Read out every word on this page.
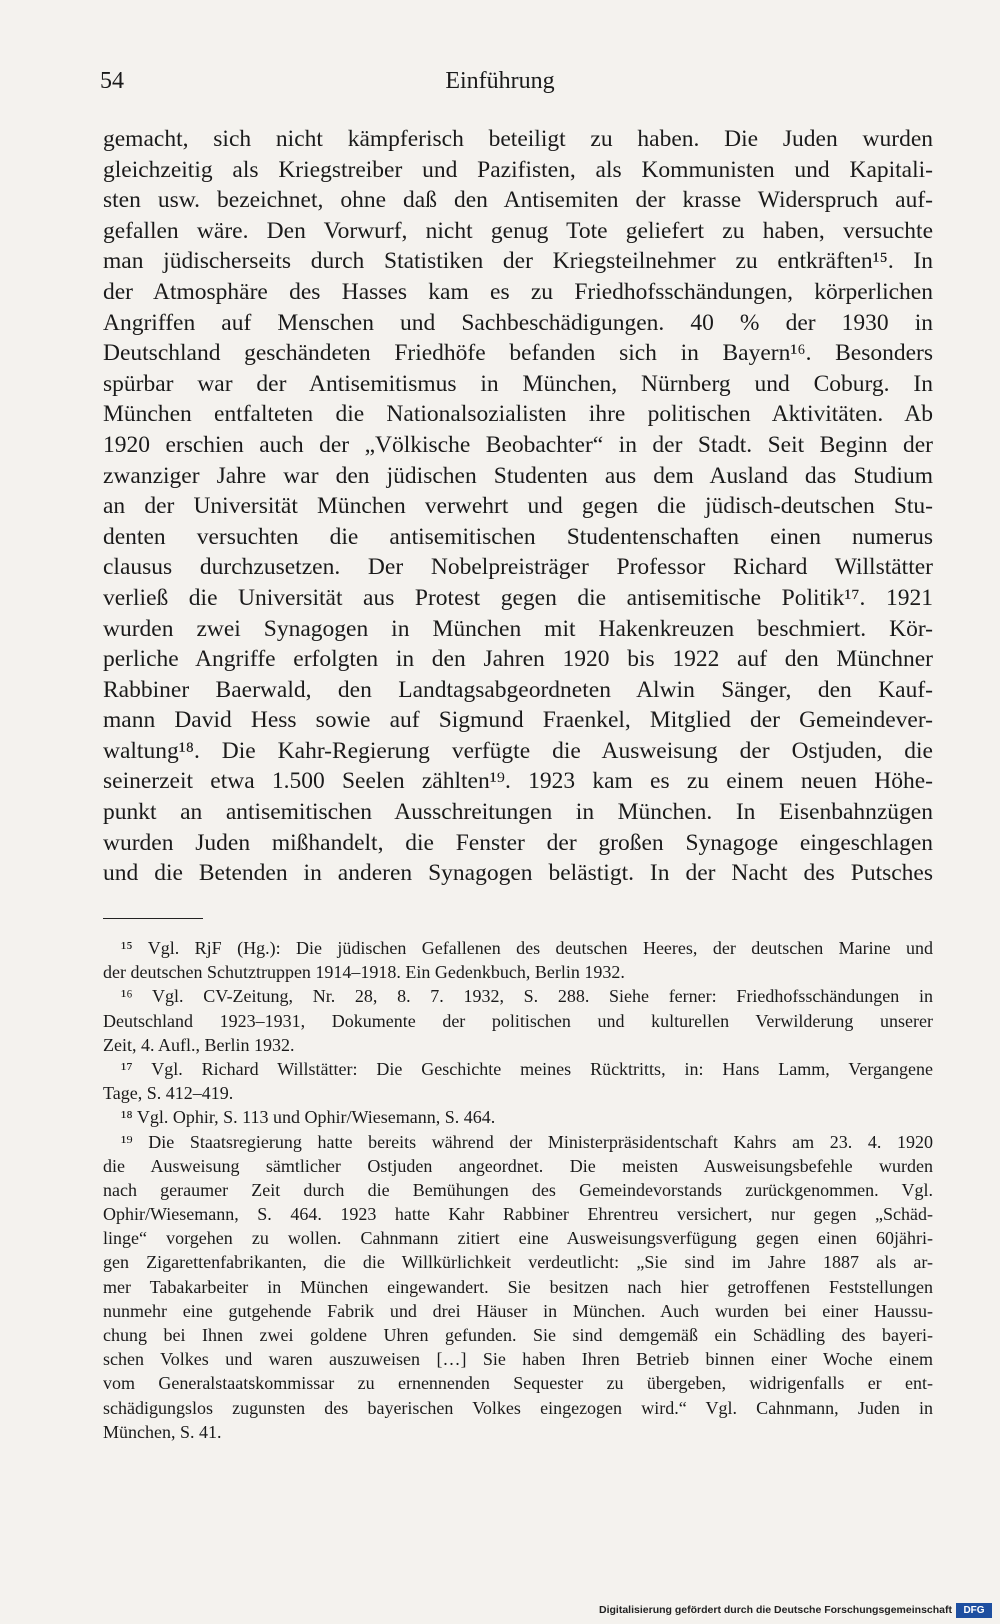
54	Einführung
gemacht, sich nicht kämpferisch beteiligt zu haben. Die Juden wurden
gleichzeitig als Kriegstreiber und Pazifisten, als Kommunisten und Kapitali-
sten usw. bezeichnet, ohne daß den Antisemiten der krasse Widerspruch auf-
gefallen wäre. Den Vorwurf, nicht genug Tote geliefert zu haben, versuchte
man jüdischerseits durch Statistiken der Kriegsteilnehmer zu entkräften¹⁵. In
der Atmosphäre des Hasses kam es zu Friedhofsschändungen, körperlichen
Angriffen auf Menschen und Sachbeschädigungen. 40 % der 1930 in
Deutschland geschändeten Friedhöfe befanden sich in Bayern¹⁶. Besonders
spürbar war der Antisemitismus in München, Nürnberg und Coburg. In
München entfalteten die Nationalsozialisten ihre politischen Aktivitäten. Ab
1920 erschien auch der „Völkische Beobachter“ in der Stadt. Seit Beginn der
zwanziger Jahre war den jüdischen Studenten aus dem Ausland das Studium
an der Universität München verwehrt und gegen die jüdisch-deutschen Stu-
denten versuchten die antisemitischen Studentenschaften einen numerus
clausus durchzusetzen. Der Nobelpreisträger Professor Richard Willstätter
verließ die Universität aus Protest gegen die antisemitische Politik¹⁷. 1921
wurden zwei Synagogen in München mit Hakenkreuzen beschmiert. Kör-
perliche Angriffe erfolgten in den Jahren 1920 bis 1922 auf den Münchner
Rabbiner Baerwald, den Landtagsabgeordneten Alwin Sänger, den Kauf-
mann David Hess sowie auf Sigmund Fraenkel, Mitglied der Gemeindever-
waltung¹⁸. Die Kahr-Regierung verfügte die Ausweisung der Ostjuden, die
seinerzeit etwa 1.500 Seelen zählten¹⁹. 1923 kam es zu einem neuen Höhe-
punkt an antisemitischen Ausschreitungen in München. In Eisenbahnzügen
wurden Juden mißhandelt, die Fenster der großen Synagoge eingeschlagen
und die Betenden in anderen Synagogen belästigt. In der Nacht des Putsches
¹⁵ Vgl. RjF (Hg.): Die jüdischen Gefallenen des deutschen Heeres, der deutschen Marine und
der deutschen Schutztruppen 1914–1918. Ein Gedenkbuch, Berlin 1932.
¹⁶ Vgl. CV-Zeitung, Nr. 28, 8. 7. 1932, S. 288. Siehe ferner: Friedhofsschändungen in
Deutschland 1923–1931, Dokumente der politischen und kulturellen Verwilderung unserer
Zeit, 4. Aufl., Berlin 1932.
¹⁷ Vgl. Richard Willstätter: Die Geschichte meines Rücktritts, in: Hans Lamm, Vergangene
Tage, S. 412–419.
¹⁸ Vgl. Ophir, S. 113 und Ophir/Wiesemann, S. 464.
¹⁹ Die Staatsregierung hatte bereits während der Ministerpräsidentschaft Kahrs am 23. 4. 1920
die Ausweisung sämtlicher Ostjuden angeordnet. Die meisten Ausweisungsbefehle wurden
nach geraumer Zeit durch die Bemühungen des Gemeindevorstands zurückgenommen. Vgl.
Ophir/Wiesemann, S. 464. 1923 hatte Kahr Rabbiner Ehrentreu versichert, nur gegen „Schäd-
linge“ vorgehen zu wollen. Cahnmann zitiert eine Ausweisungsverfügung gegen einen 60jähri-
gen Zigarettenfabrikanten, die die Willkürlichkeit verdeutlicht: „Sie sind im Jahre 1887 als ar-
mer Tabakarbeiter in München eingewandert. Sie besitzen nach hier getroffenen Feststellungen
nunmehr eine gutgehende Fabrik und drei Häuser in München. Auch wurden bei einer Haussu-
chung bei Ihnen zwei goldene Uhren gefunden. Sie sind demgemäß ein Schädling des bayeri-
schen Volkes und waren auszuweisen […] Sie haben Ihren Betrieb binnen einer Woche einem
vom Generalstaatskommissar zu ernennenden Sequester zu übergeben, widrigenfalls er ent-
schädigungslos zugunsten des bayerischen Volkes eingezogen wird.“ Vgl. Cahnmann, Juden in
München, S. 41.
Digitalisierung gefördert durch die Deutsche Forschungsgemeinschaft	DFG
